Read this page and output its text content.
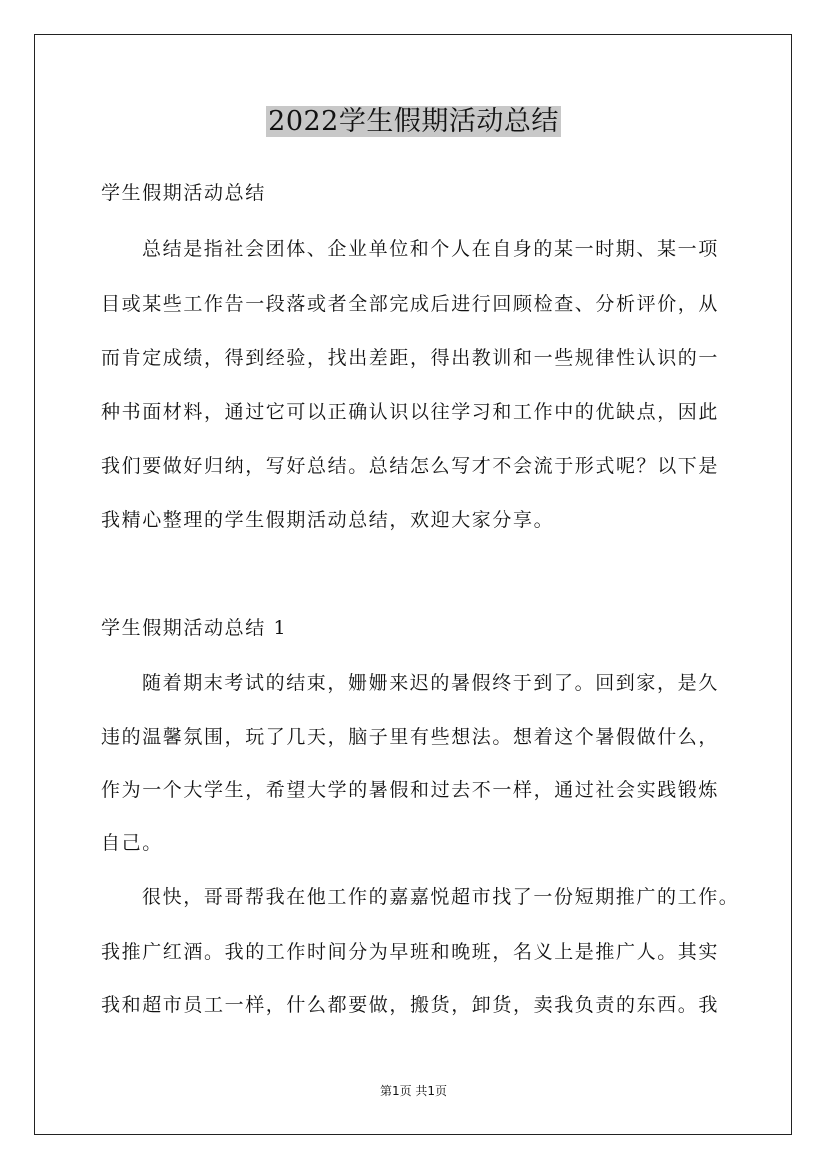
2022学生假期活动总结
学生假期活动总结
总结是指社会团体、企业单位和个人在自身的某一时期、某一项
目或某些工作告一段落或者全部完成后进行回顾检查、分析评价，从
而肯定成绩，得到经验，找出差距，得出教训和一些规律性认识的一
种书面材料，通过它可以正确认识以往学习和工作中的优缺点，因此
我们要做好归纳，写好总结。总结怎么写才不会流于形式呢？以下是
我精心整理的学生假期活动总结，欢迎大家分享。
学生假期活动总结 1
随着期末考试的结束，姗姗来迟的暑假终于到了。回到家，是久
违的温馨氛围，玩了几天，脑子里有些想法。想着这个暑假做什么，
作为一个大学生，希望大学的暑假和过去不一样，通过社会实践锻炼
自己。
很快，哥哥帮我在他工作的嘉嘉悦超市找了一份短期推广的工作。
我推广红酒。我的工作时间分为早班和晚班，名义上是推广人。其实
我和超市员工一样，什么都要做，搬货，卸货，卖我负责的东西。我
第1页 共1页
